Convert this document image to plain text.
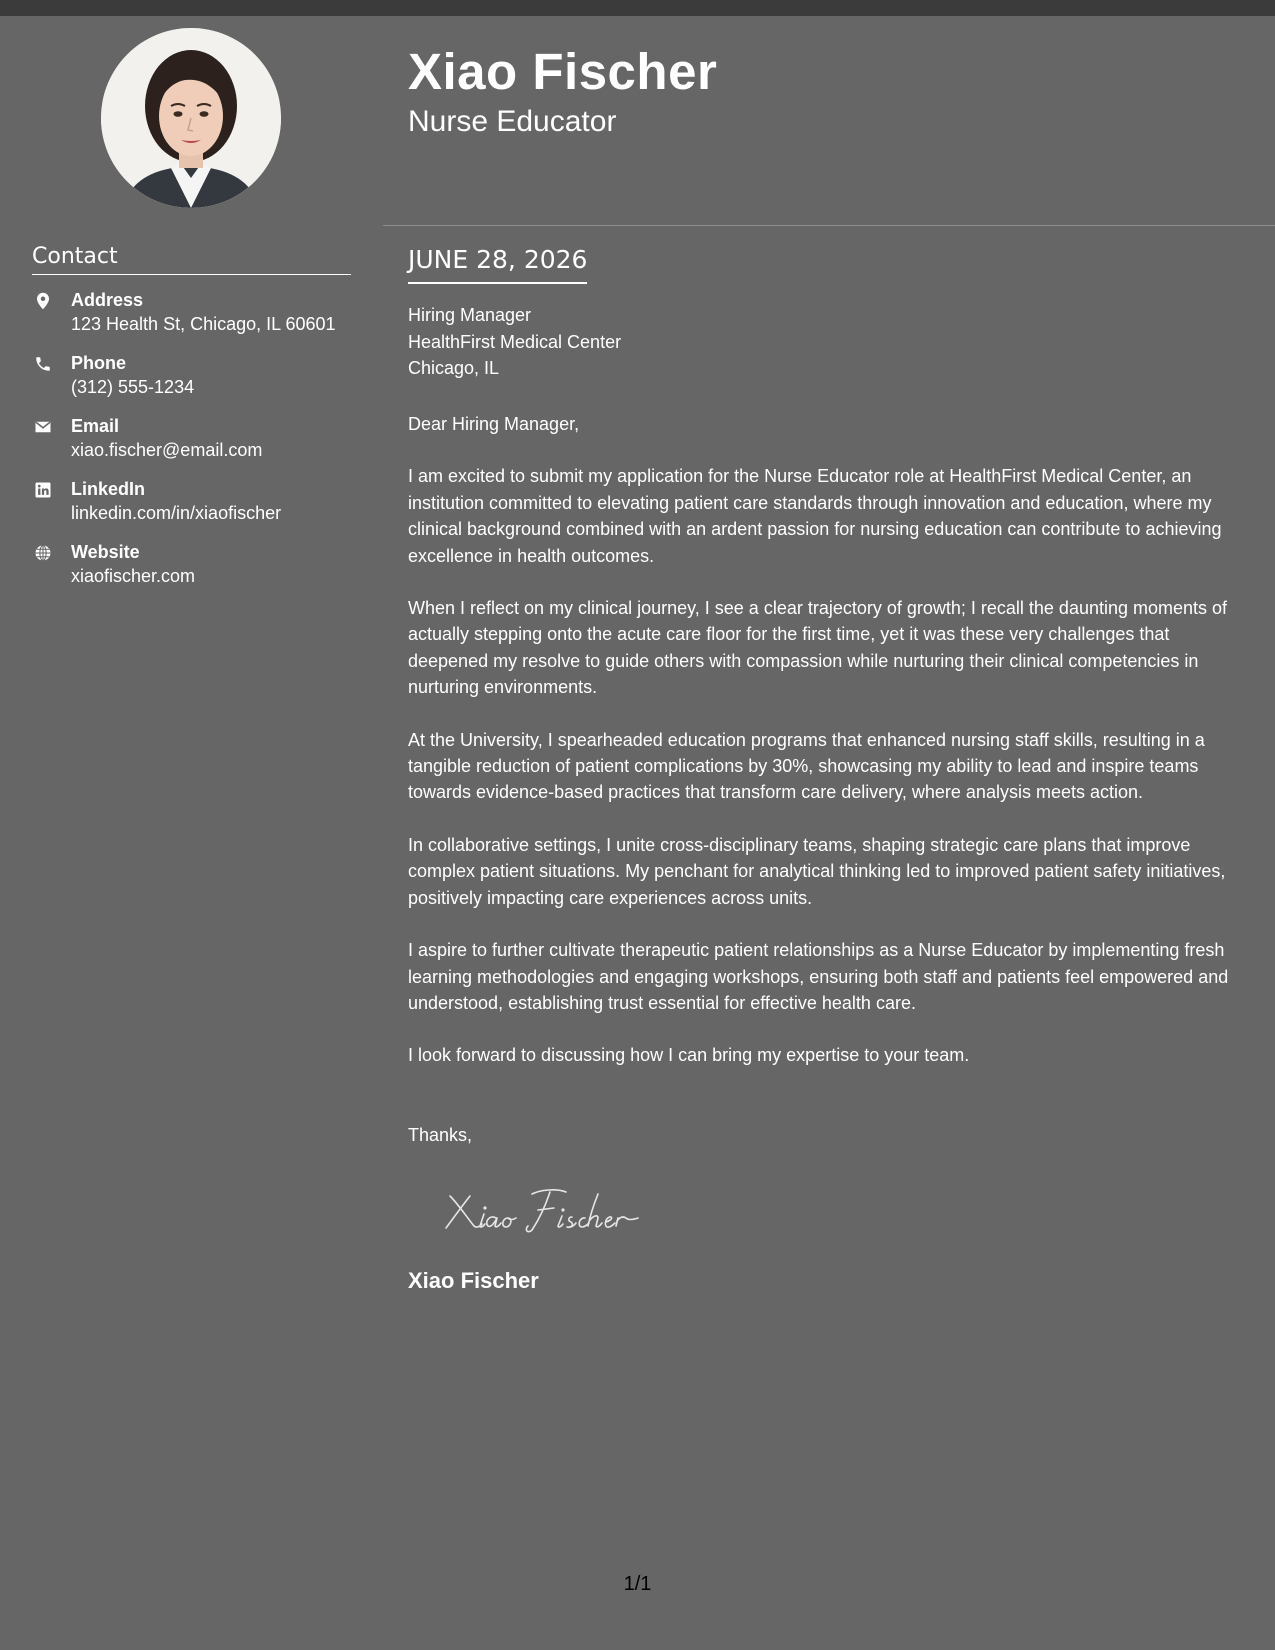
Contact
Address
123 Health St, Chicago, IL 60601
Phone
(312) 555-1234
Email
xiao.fischer@email.com
LinkedIn
linkedin.com/in/xiaofischer
Website
xiaofischer.com
Xiao Fischer
Nurse Educator
JUNE 28, 2026
Hiring Manager
HealthFirst Medical Center
Chicago, IL

Dear Hiring Manager,

I am excited to submit my application for the Nurse Educator role at HealthFirst Medical Center, an institution committed to elevating patient care standards through innovation and education, where my clinical background combined with an ardent passion for nursing education can contribute to achieving excellence in health outcomes.

When I reflect on my clinical journey, I see a clear trajectory of growth; I recall the daunting moments of actually stepping onto the acute care floor for the first time, yet it was these very challenges that deepened my resolve to guide others with compassion while nurturing their clinical competencies in nurturing environments.

At the University, I spearheaded education programs that enhanced nursing staff skills, resulting in a tangible reduction of patient complications by 30%, showcasing my ability to lead and inspire teams towards evidence-based practices that transform care delivery, where analysis meets action.

In collaborative settings, I unite cross-disciplinary teams, shaping strategic care plans that improve complex patient situations. My penchant for analytical thinking led to improved patient safety initiatives, positively impacting care experiences across units.

I aspire to further cultivate therapeutic patient relationships as a Nurse Educator by implementing fresh learning methodologies and engaging workshops, ensuring both staff and patients feel empowered and understood, establishing trust essential for effective health care.

I look forward to discussing how I can bring my expertise to your team.

Thanks,
Xiao Fischer
1/1
